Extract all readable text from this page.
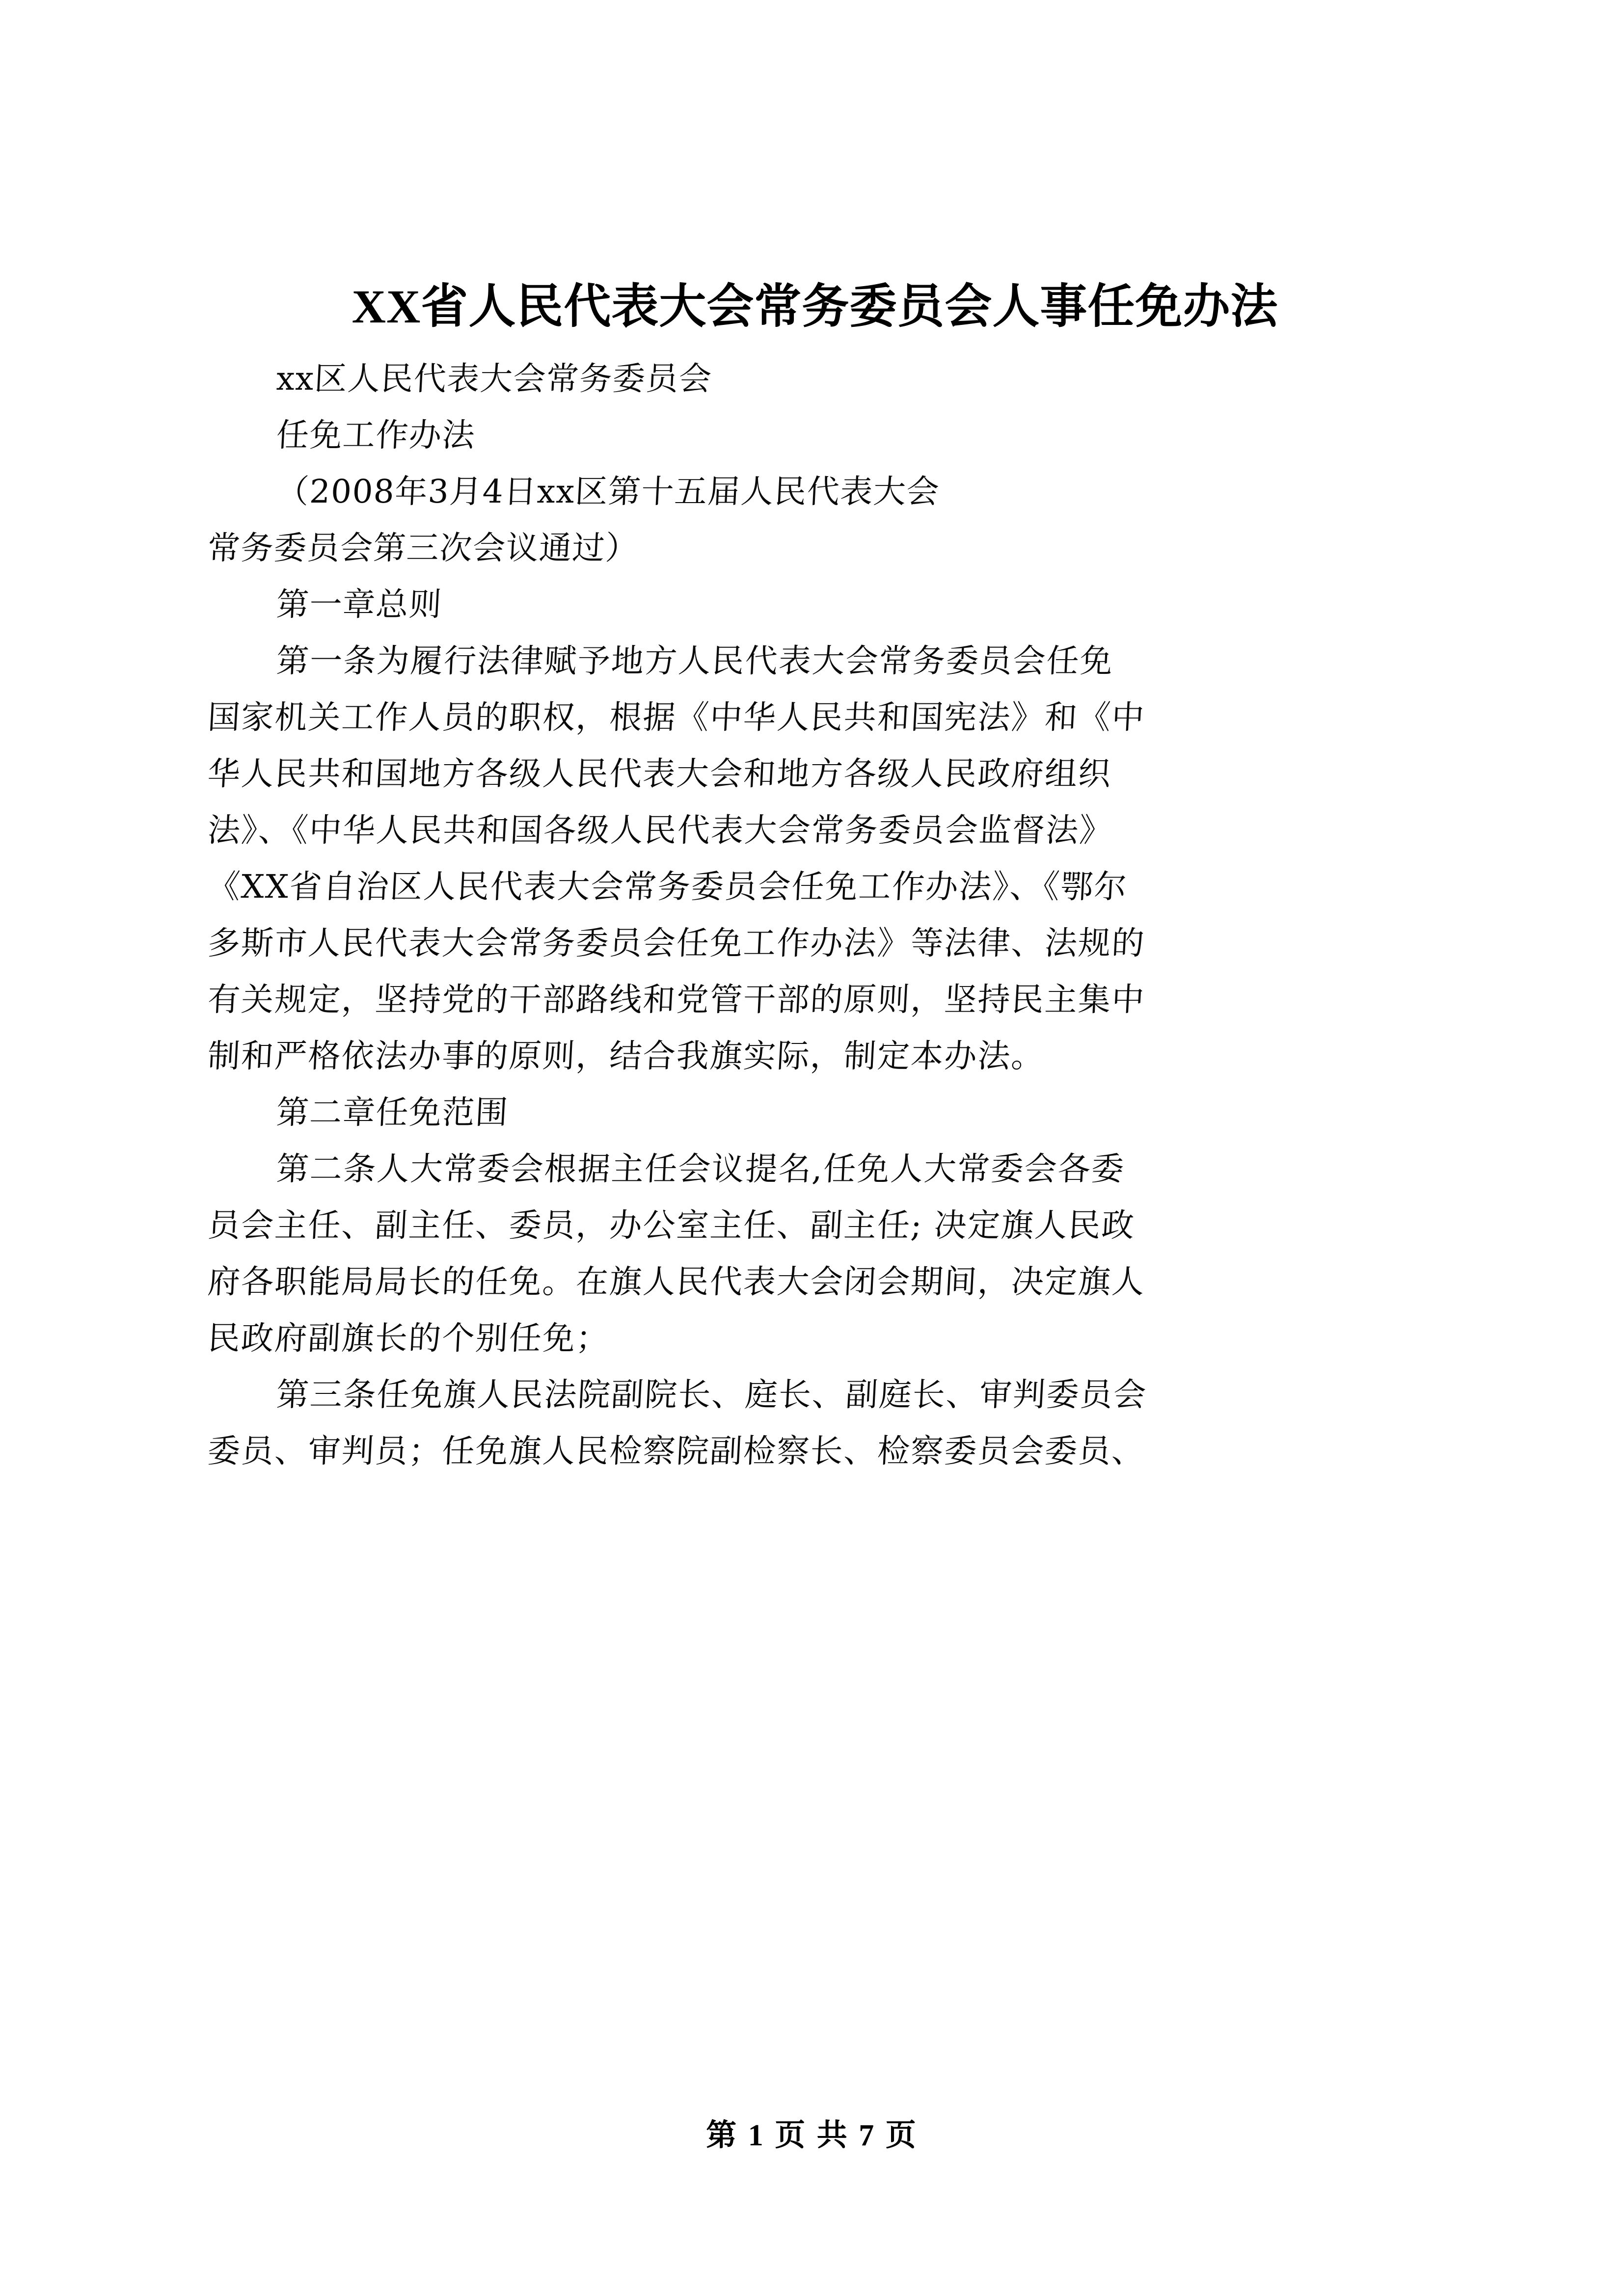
XX省人民代表大会常务委员会人事任免办法

xx区人民代表大会常务委员会

任免工作办法

（2008年3月4日xx区第十五届人民代表大会

常务委员会第三次会议通过）

第一章总则

第一条为履行法律赋予地方人民代表大会常务委员会任免

国家机关工作人员的职权，根据《中华人民共和国宪法》和《中

华人民共和国地方各级人民代表大会和地方各级人民政府组织

法》、《中华人民共和国各级人民代表大会常务委员会监督法》

《XX省自治区人民代表大会常务委员会任免工作办法》、《鄂尔

多斯市人民代表大会常务委员会任免工作办法》等法律、法规的

有关规定，坚持党的干部路线和党管干部的原则，坚持民主集中

制和严格依法办事的原则，结合我旗实际，制定本办法。

第二章任免范围

第二条人大常委会根据主任会议提名,任免人大常委会各委

员会主任、副主任、委员，办公室主任、副主任; 决定旗人民政

府各职能局局长的任免。在旗人民代表大会闭会期间，决定旗人

民政府副旗长的个别任免；

第三条任免旗人民法院副院长、庭长、副庭长、审判委员会

委员、审判员；任免旗人民检察院副检察长、检察委员会委员、

第 1 页 共 7 页
